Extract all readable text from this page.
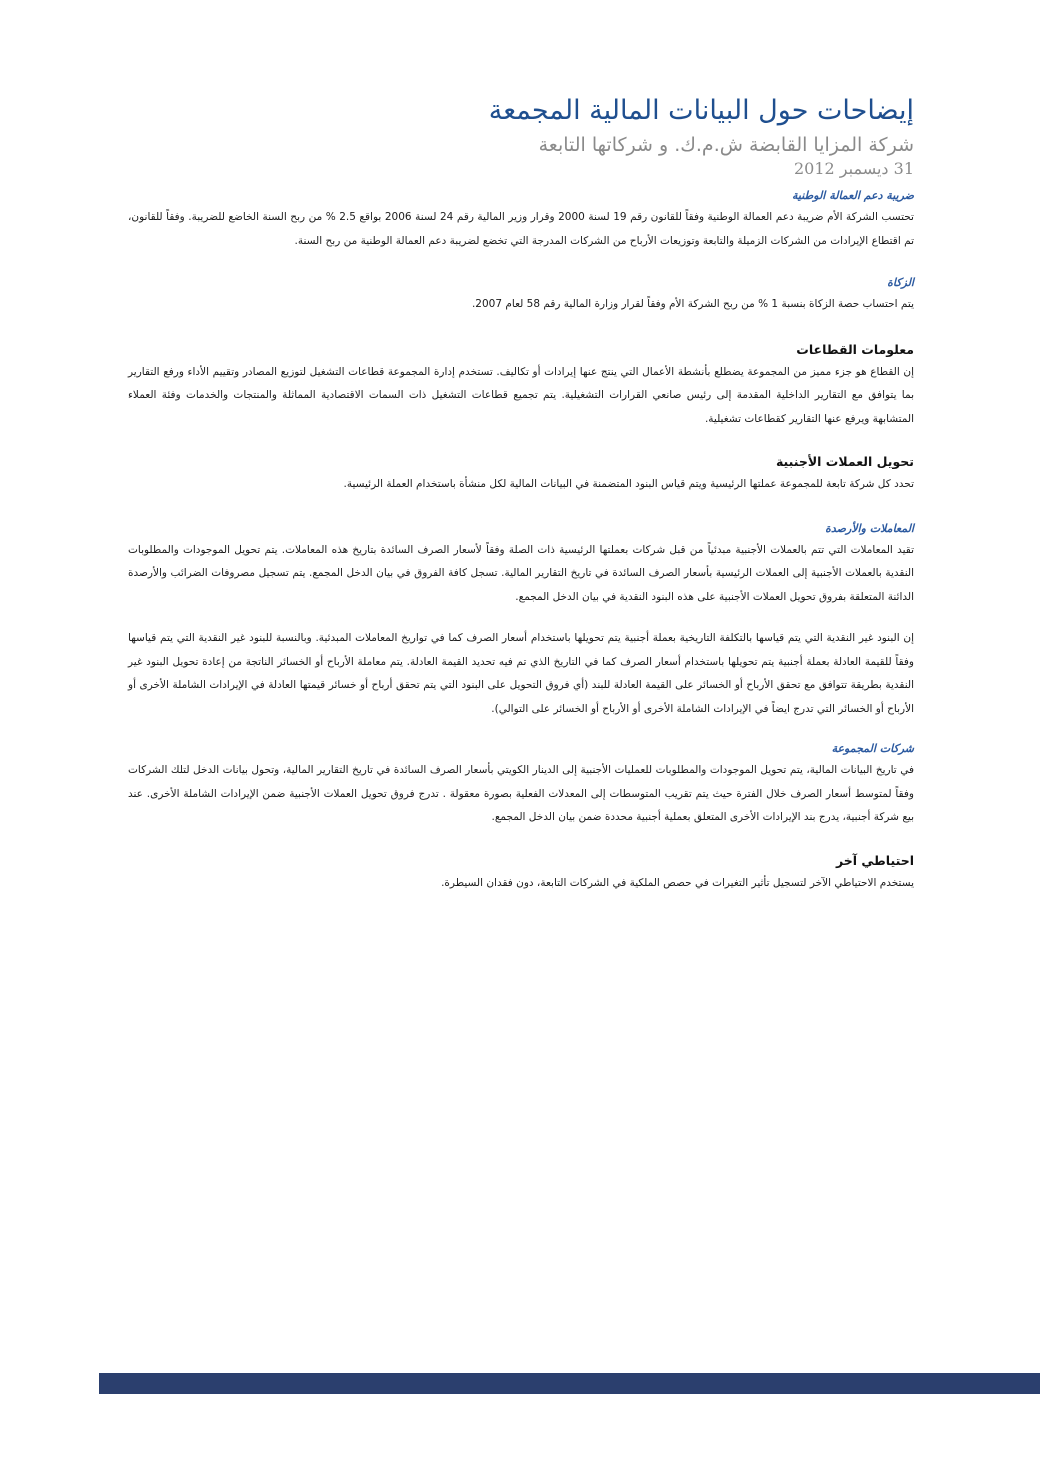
إيضاحات حول البيانات المالية المجمعة

شركة المزايا القابضة ش.م.ك. و شركاتها التابعة

31 ديسمبر 2012

ضريبة دعم العمالة الوطنية

تحتسب الشركة الأم ضريبة دعم العمالة الوطنية وفقاً للقانون رقم 19 لسنة 2000 وقرار وزير المالية رقم 24 لسنة 2006 بواقع 2.5 % من ربح السنة الخاضع للضريبة. وفقاً للقانون، تم اقتطاع الإيرادات من الشركات الزميلة والتابعة وتوزيعات الأرباح من الشركات المدرجة التي تخضع لضريبة دعم العمالة الوطنية من ربح السنة.

الزكاة

يتم احتساب حصة الزكاة بنسبة 1 % من ربح الشركة الأم وفقاً لقرار وزارة المالية رقم 58 لعام 2007.

معلومات القطاعات

إن القطاع هو جزء مميز من المجموعة يضطلع بأنشطة الأعمال التي ينتج عنها إيرادات أو تكاليف. تستخدم إدارة المجموعة قطاعات التشغيل لتوزيع المصادر وتقييم الأداء ورفع التقارير بما يتوافق مع التقارير الداخلية المقدمة إلى رئيس صانعي القرارات التشغيلية. يتم تجميع قطاعات التشغيل ذات السمات الاقتصادية المماثلة والمنتجات والخدمات وفئة العملاء المتشابهة ويرفع عنها التقارير كقطاعات تشغيلية.

تحويل العملات الأجنبية

تحدد كل شركة تابعة للمجموعة عملتها الرئيسية ويتم قياس البنود المتضمنة في البيانات المالية لكل منشأة باستخدام العملة الرئيسية.

المعاملات والأرصدة

تقيد المعاملات التي تتم بالعملات الأجنبية مبدئياً من قبل شركات بعملتها الرئيسية ذات الصلة وفقاً لأسعار الصرف السائدة بتاريخ هذه المعاملات. يتم تحويل الموجودات والمطلوبات النقدية بالعملات الأجنبية إلى العملات الرئيسية بأسعار الصرف السائدة في تاريخ التقارير المالية. تسجل كافة الفروق في بيان الدخل المجمع. يتم تسجيل مصروفات الضرائب والأرصدة الدائنة المتعلقة بفروق تحويل العملات الأجنبية على هذه البنود النقدية في بيان الدخل المجمع.

إن البنود غير النقدية التي يتم قياسها بالتكلفة التاريخية بعملة أجنبية يتم تحويلها باستخدام أسعار الصرف كما في تواريخ المعاملات المبدئية. وبالنسبة للبنود غير النقدية التي يتم قياسها وفقاً للقيمة العادلة بعملة أجنبية يتم تحويلها باستخدام أسعار الصرف كما في التاريخ الذي تم فيه تحديد القيمة العادلة. يتم معاملة الأرباح أو الخسائر الناتجة من إعادة تحويل البنود غير النقدية بطريقة تتوافق مع تحقق الأرباح أو الخسائر على القيمة العادلة للبند (أي فروق التحويل على البنود التي يتم تحقق أرباح أو خسائر قيمتها العادلة في الإيرادات الشاملة الأخرى أو الأرباح أو الخسائر التي تدرج ايضاً في الإيرادات الشاملة الأخرى أو الأرباح أو الخسائر على التوالي).

شركات المجموعة

في تاريخ البيانات المالية، يتم تحويل الموجودات والمطلوبات للعمليات الأجنبية إلى الدينار الكويتي بأسعار الصرف السائدة في تاريخ التقارير المالية، وتحول بيانات الدخل لتلك الشركات وفقاً لمتوسط أسعار الصرف خلال الفترة حيث يتم تقريب المتوسطات إلى المعدلات الفعلية بصورة معقولة . تدرج فروق تحويل العملات الأجنبية ضمن الإيرادات الشاملة الأخرى. عند بيع شركة أجنبية، يدرج بند الإيرادات الأخرى المتعلق بعملية أجنبية محددة ضمن بيان الدخل المجمع.

احتياطي آخر

يستخدم الاحتياطي الآخر لتسجيل تأثير التغيرات في حصص الملكية في الشركات التابعة، دون فقدان السيطرة.
